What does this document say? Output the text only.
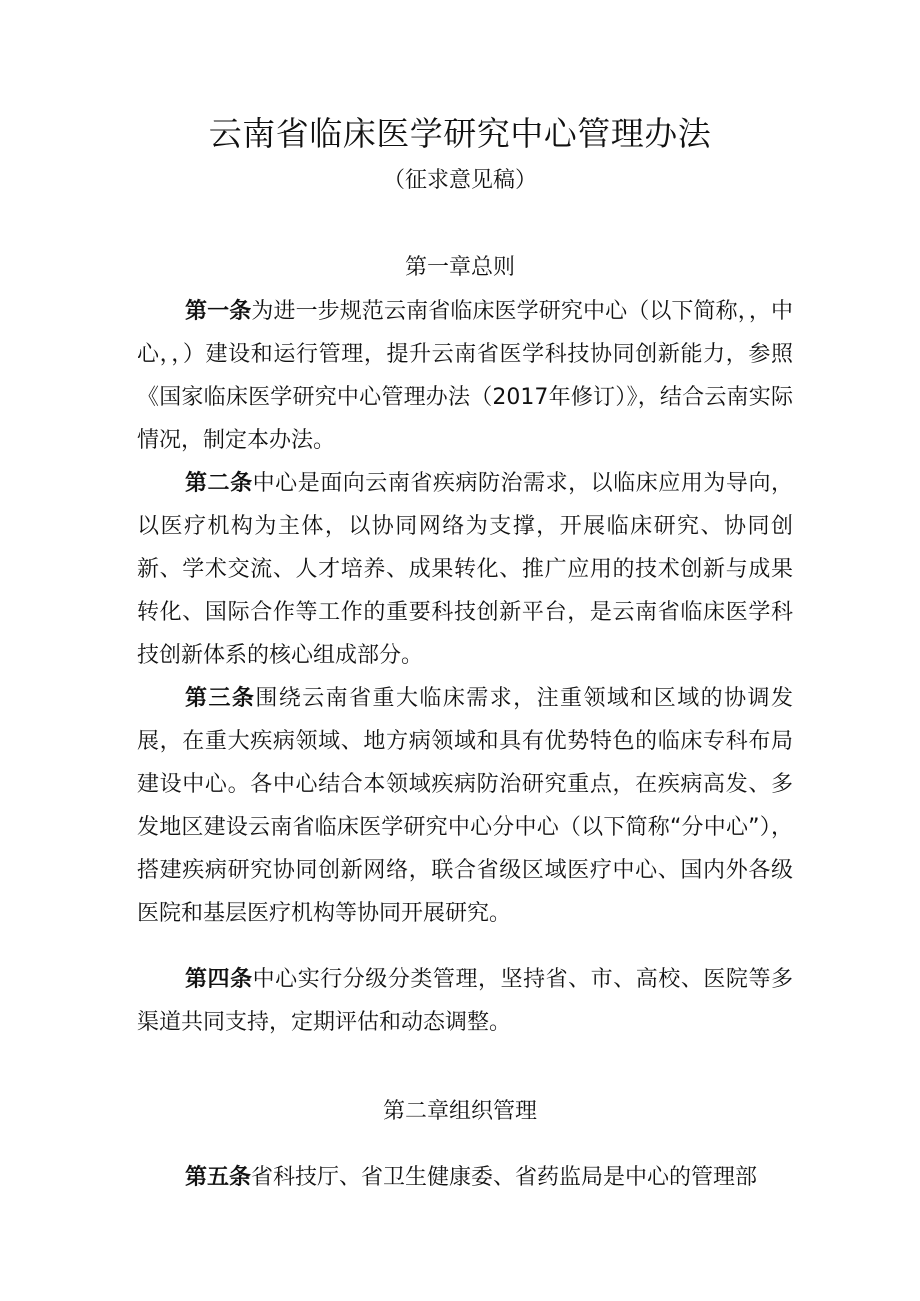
云南省临床医学研究中心管理办法
（征求意见稿）
第一章总则

第一条为进一步规范云南省临床医学研究中心（以下简称，，中心，，）建设和运行管理，提升云南省医学科技协同创新能力，参照《国家临床医学研究中心管理办法（2017年修订）》，结合云南实际情况，制定本办法。

第二条中心是面向云南省疾病防治需求，以临床应用为导向，以医疗机构为主体，以协同网络为支撑，开展临床研究、协同创新、学术交流、人才培养、成果转化、推广应用的技术创新与成果转化、国际合作等工作的重要科技创新平台，是云南省临床医学科技创新体系的核心组成部分。

第三条围绕云南省重大临床需求，注重领域和区域的协调发展，在重大疾病领域、地方病领域和具有优势特色的临床专科布局建设中心。各中心结合本领域疾病防治研究重点，在疾病高发、多发地区建设云南省临床医学研究中心分中心（以下简称“分中心”），搭建疾病研究协同创新网络，联合省级区域医疗中心、国内外各级医院和基层医疗机构等协同开展研究。

第四条中心实行分级分类管理，坚持省、市、高校、医院等多渠道共同支持，定期评估和动态调整。

第二章组织管理

第五条省科技厅、省卫生健康委、省药监局是中心的管理部
